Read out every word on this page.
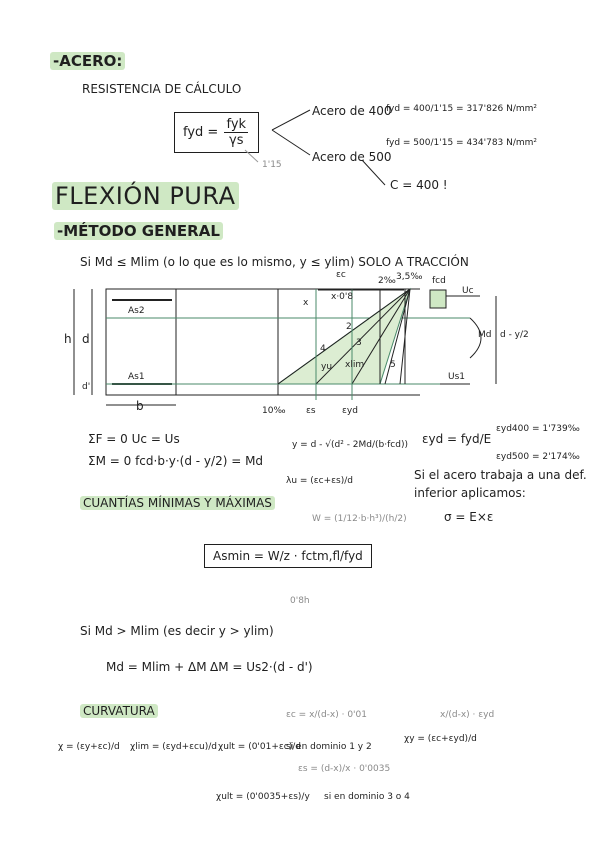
-ACERO:
RESISTENCIA DE CÁLCULO
fyd = $\frac{\text{fyk}}{\gamma s}$
1'15
Acero de 400
fyd = 400/1'15 = 317'826 N/mm²
Acero de 500
fyd = 500/1'15 = 434'783 N/mm²
C = 400 !
FLEXIÓN PURA
-MÉTODO GENERAL
Si Md ≤ Mlim (o lo que es lo mismo, y ≤ ylim) SOLO A TRACCIÓN
As2
As1
h d
d'
b
x
x·0'8
yu xlim
10‰ εs	εyd
3,5‰
2‰
εc
fcd
Uc
Us1
Md d - y/2
2
3
4
5
ΣF = 0 Uc = Us
ΣM = 0 fcd·b·y·(d - y/2) = Md
y = d - √(d² - 2Md/(b·fcd))
λu = (εc+εs)/d
εyd = fyd/E
εyd400 = 1'739‰
εyd500 = 2'174‰
Si el acero trabaja a una def.
inferior aplicamos:
σ = E×ε
CUANTÍAS MÍNIMAS Y MÁXIMAS
W = (1/12·b·h³)/(h/2)
Asmin = W/z · fctm,fl/fyd
0'8h
Si Md > Mlim (es decir y > ylim)
Md = Mlim + ΔM ΔM = Us2·(d - d')
CURVATURA
χ = (εy+εc)/d χlim = (εyd+εcu)/d χult = (0'01+εc)/d
si en dominio 1 y 2
εc = x/(d-x) · 0'01
χy = (εc+εyd)/d
x/(d-x) · εyd
χult = (0'0035+εs)/y si en dominio 3 o 4
εs = (d-x)/x · 0'0035
